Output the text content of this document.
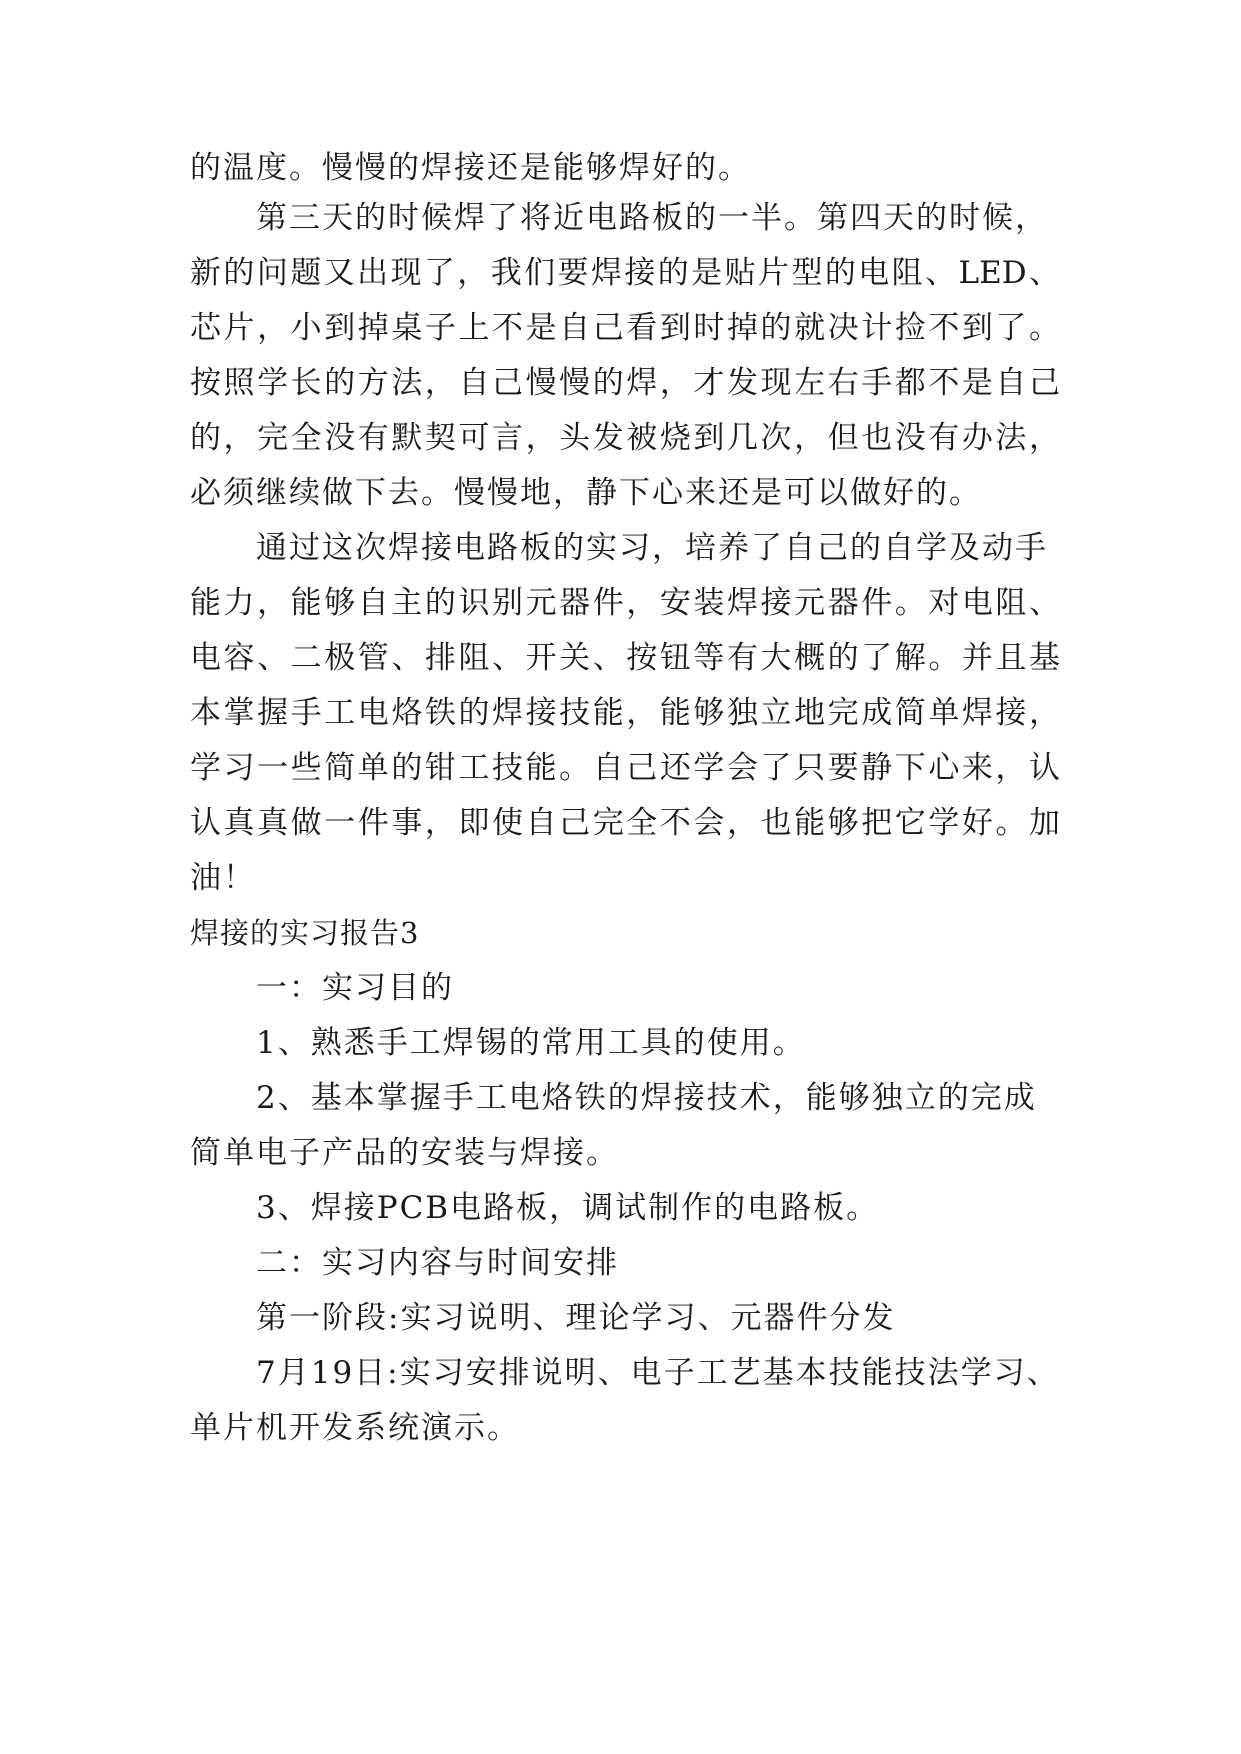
的温度。慢慢的焊接还是能够焊好的。
第三天的时候焊了将近电路板的一半。第四天的时候，
新的问题又出现了，我们要焊接的是贴片型的电阻、LED、
芯片，小到掉桌子上不是自己看到时掉的就决计捡不到了。
按照学长的方法，自己慢慢的焊，才发现左右手都不是自己
的，完全没有默契可言，头发被烧到几次，但也没有办法，
必须继续做下去。慢慢地，静下心来还是可以做好的。
通过这次焊接电路板的实习，培养了自己的自学及动手
能力，能够自主的识别元器件，安装焊接元器件。对电阻、
电容、二极管、排阻、开关、按钮等有大概的了解。并且基
本掌握手工电烙铁的焊接技能，能够独立地完成简单焊接，
学习一些简单的钳工技能。自己还学会了只要静下心来，认
认真真做一件事，即使自己完全不会，也能够把它学好。加
油！
焊接的实习报告3
一：实习目的
1、熟悉手工焊锡的常用工具的使用。
2、基本掌握手工电烙铁的焊接技术，能够独立的完成
简单电子产品的安装与焊接。
3、焊接PCB电路板，调试制作的电路板。
二：实习内容与时间安排
第一阶段:实习说明、理论学习、元器件分发
7月19日:实习安排说明、电子工艺基本技能技法学习、
单片机开发系统演示。
